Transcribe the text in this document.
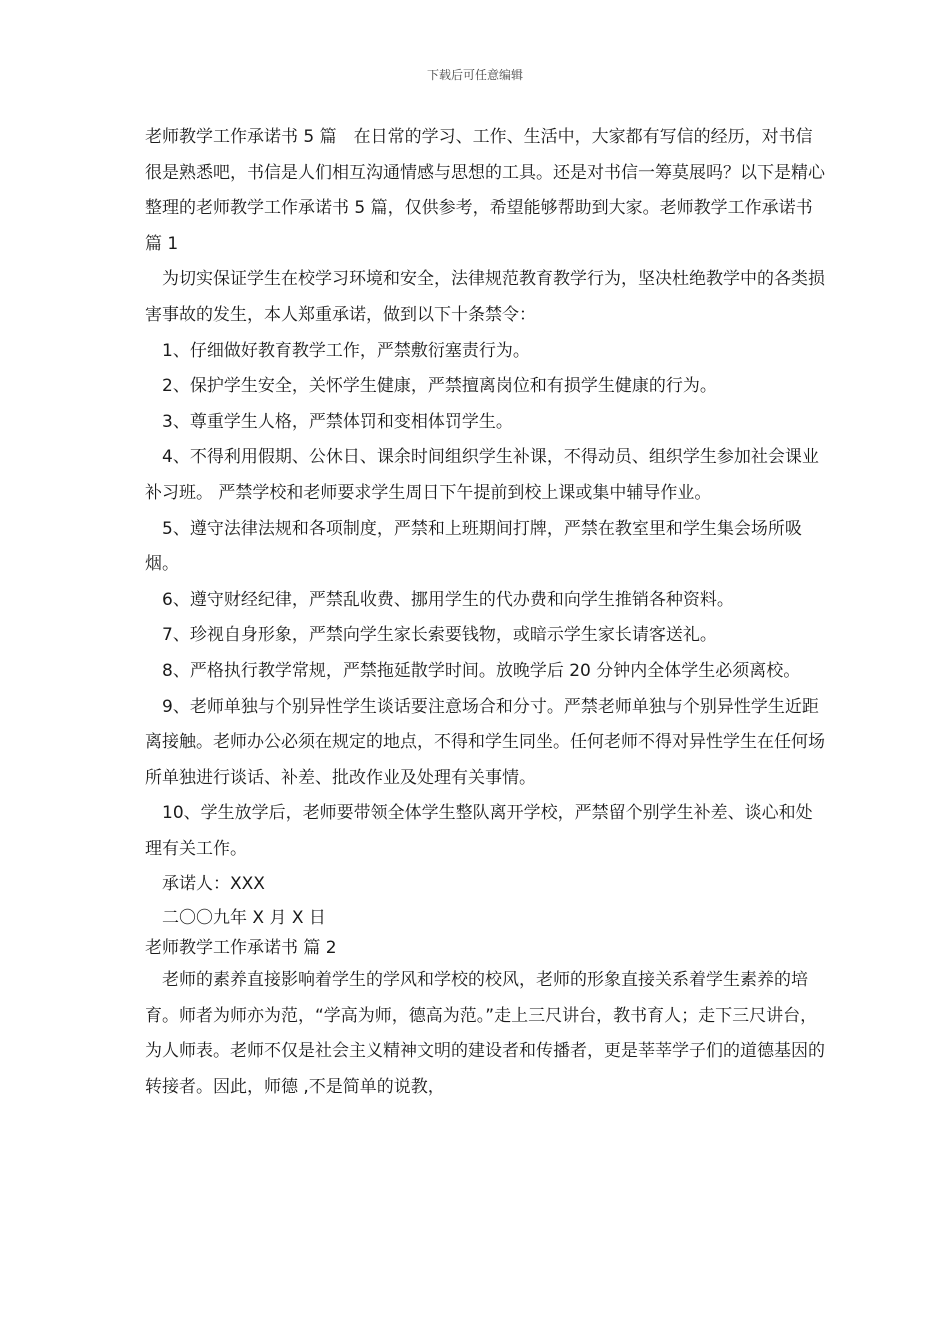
下载后可任意编辑

老师教学工作承诺书 5 篇　在日常的学习、工作、生活中，大家都有写信的经历，对书信很是熟悉吧，书信是人们相互沟通情感与思想的工具。还是对书信一筹莫展吗？以下是精心整理的老师教学工作承诺书 5 篇，仅供参考，希望能够帮助到大家。老师教学工作承诺书 篇 1

为切实保证学生在校学习环境和安全，法律规范教育教学行为，坚决杜绝教学中的各类损害事故的发生，本人郑重承诺，做到以下十条禁令：

1、仔细做好教育教学工作，严禁敷衍塞责行为。

2、保护学生安全，关怀学生健康，严禁擅离岗位和有损学生健康的行为。

3、尊重学生人格，严禁体罚和变相体罚学生。

4、不得利用假期、公休日、课余时间组织学生补课，不得动员、组织学生参加社会课业补习班。 严禁学校和老师要求学生周日下午提前到校上课或集中辅导作业。

5、遵守法律法规和各项制度，严禁和上班期间打牌，严禁在教室里和学生集会场所吸烟。

6、遵守财经纪律，严禁乱收费、挪用学生的代办费和向学生推销各种资料。

7、珍视自身形象，严禁向学生家长索要钱物，或暗示学生家长请客送礼。

8、严格执行教学常规，严禁拖延散学时间。放晚学后 20 分钟内全体学生必须离校。

9、老师单独与个别异性学生谈话要注意场合和分寸。严禁老师单独与个别异性学生近距离接触。老师办公必须在规定的地点，不得和学生同坐。任何老师不得对异性学生在任何场所单独进行谈话、补差、批改作业及处理有关事情。

10、学生放学后，老师要带领全体学生整队离开学校，严禁留个别学生补差、谈心和处理有关工作。

承诺人：XXX

二〇〇九年 X 月 X 日

老师教学工作承诺书 篇 2

老师的素养直接影响着学生的学风和学校的校风，老师的形象直接关系着学生素养的培育。师者为师亦为范，“学高为师，德高为范。”走上三尺讲台，教书育人；走下三尺讲台，为人师表。老师不仅是社会主义精神文明的建设者和传播者，更是莘莘学子们的道德基因的转接者。因此，师德 ,不是简单的说教，
